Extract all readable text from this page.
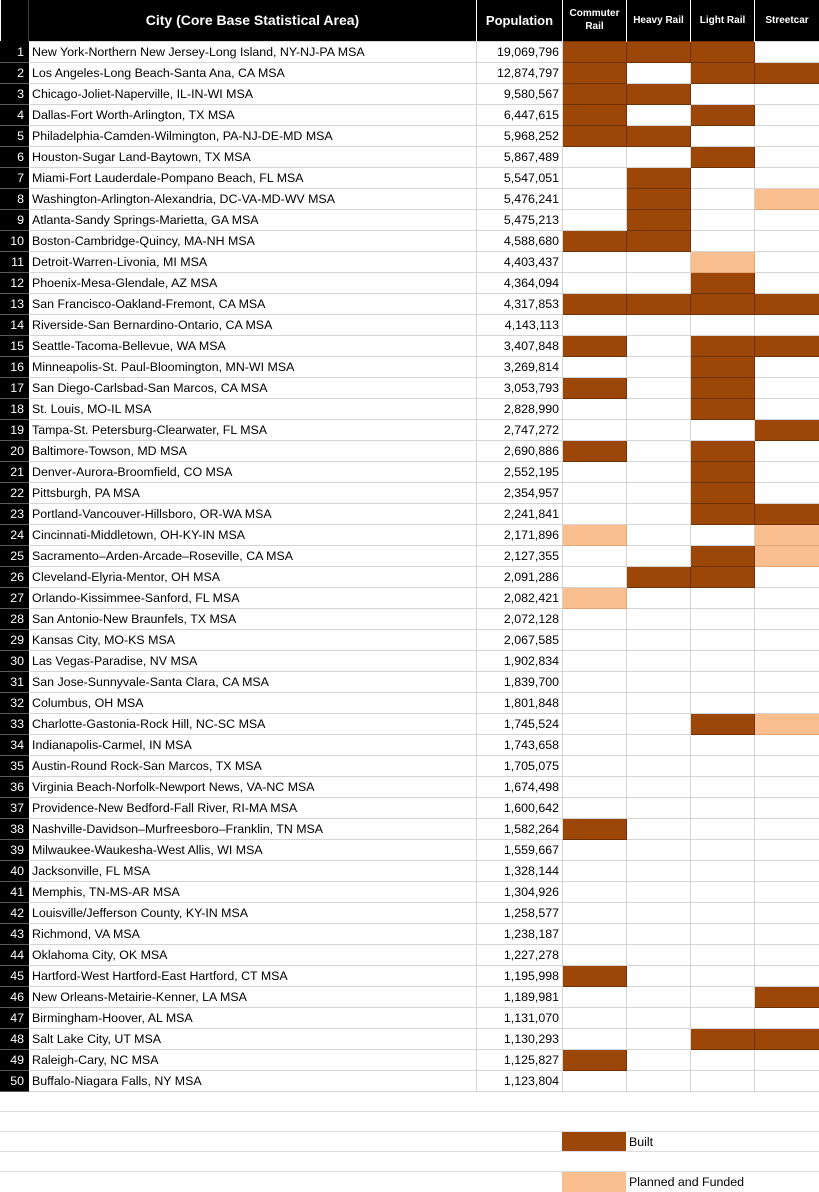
	City (Core Base Statistical Area)	Population	Commuter Rail	Heavy Rail	Light Rail	Streetcar
1	New York-Northern New Jersey-Long Island, NY-NJ-PA MSA	19,069,796				
2	Los Angeles-Long Beach-Santa Ana, CA MSA	12,874,797				
3	Chicago-Joliet-Naperville, IL-IN-WI MSA	9,580,567				
4	Dallas-Fort Worth-Arlington, TX MSA	6,447,615				
5	Philadelphia-Camden-Wilmington, PA-NJ-DE-MD MSA	5,968,252				
6	Houston-Sugar Land-Baytown, TX MSA	5,867,489				
7	Miami-Fort Lauderdale-Pompano Beach, FL MSA	5,547,051				
8	Washington-Arlington-Alexandria, DC-VA-MD-WV MSA	5,476,241				
9	Atlanta-Sandy Springs-Marietta, GA MSA	5,475,213				
10	Boston-Cambridge-Quincy, MA-NH MSA	4,588,680				
11	Detroit-Warren-Livonia, MI MSA	4,403,437				
12	Phoenix-Mesa-Glendale, AZ MSA	4,364,094				
13	San Francisco-Oakland-Fremont, CA MSA	4,317,853				
14	Riverside-San Bernardino-Ontario, CA MSA	4,143,113				
15	Seattle-Tacoma-Bellevue, WA MSA	3,407,848				
16	Minneapolis-St. Paul-Bloomington, MN-WI MSA	3,269,814				
17	San Diego-Carlsbad-San Marcos, CA MSA	3,053,793				
18	St. Louis, MO-IL MSA	2,828,990				
19	Tampa-St. Petersburg-Clearwater, FL MSA	2,747,272				
20	Baltimore-Towson, MD MSA	2,690,886				
21	Denver-Aurora-Broomfield, CO MSA	2,552,195				
22	Pittsburgh, PA MSA	2,354,957				
23	Portland-Vancouver-Hillsboro, OR-WA MSA	2,241,841				
24	Cincinnati-Middletown, OH-KY-IN MSA	2,171,896				
25	Sacramento–Arden-Arcade–Roseville, CA MSA	2,127,355				
26	Cleveland-Elyria-Mentor, OH MSA	2,091,286				
27	Orlando-Kissimmee-Sanford, FL MSA	2,082,421				
28	San Antonio-New Braunfels, TX MSA	2,072,128				
29	Kansas City, MO-KS MSA	2,067,585				
30	Las Vegas-Paradise, NV MSA	1,902,834				
31	San Jose-Sunnyvale-Santa Clara, CA MSA	1,839,700				
32	Columbus, OH MSA	1,801,848				
33	Charlotte-Gastonia-Rock Hill, NC-SC MSA	1,745,524				
34	Indianapolis-Carmel, IN MSA	1,743,658				
35	Austin-Round Rock-San Marcos, TX MSA	1,705,075				
36	Virginia Beach-Norfolk-Newport News, VA-NC MSA	1,674,498				
37	Providence-New Bedford-Fall River, RI-MA MSA	1,600,642				
38	Nashville-Davidson–Murfreesboro–Franklin, TN MSA	1,582,264				
39	Milwaukee-Waukesha-West Allis, WI MSA	1,559,667				
40	Jacksonville, FL MSA	1,328,144				
41	Memphis, TN-MS-AR MSA	1,304,926				
42	Louisville/Jefferson County, KY-IN MSA	1,258,577				
43	Richmond, VA MSA	1,238,187				
44	Oklahoma City, OK MSA	1,227,278				
45	Hartford-West Hartford-East Hartford, CT MSA	1,195,998				
46	New Orleans-Metairie-Kenner, LA MSA	1,189,981				
47	Birmingham-Hoover, AL MSA	1,131,070				
48	Salt Lake City, UT MSA	1,130,293				
49	Raleigh-Cary, NC MSA	1,125,827				
50	Buffalo-Niagara Falls, NY MSA	1,123,804				
Built
Planned and Funded
